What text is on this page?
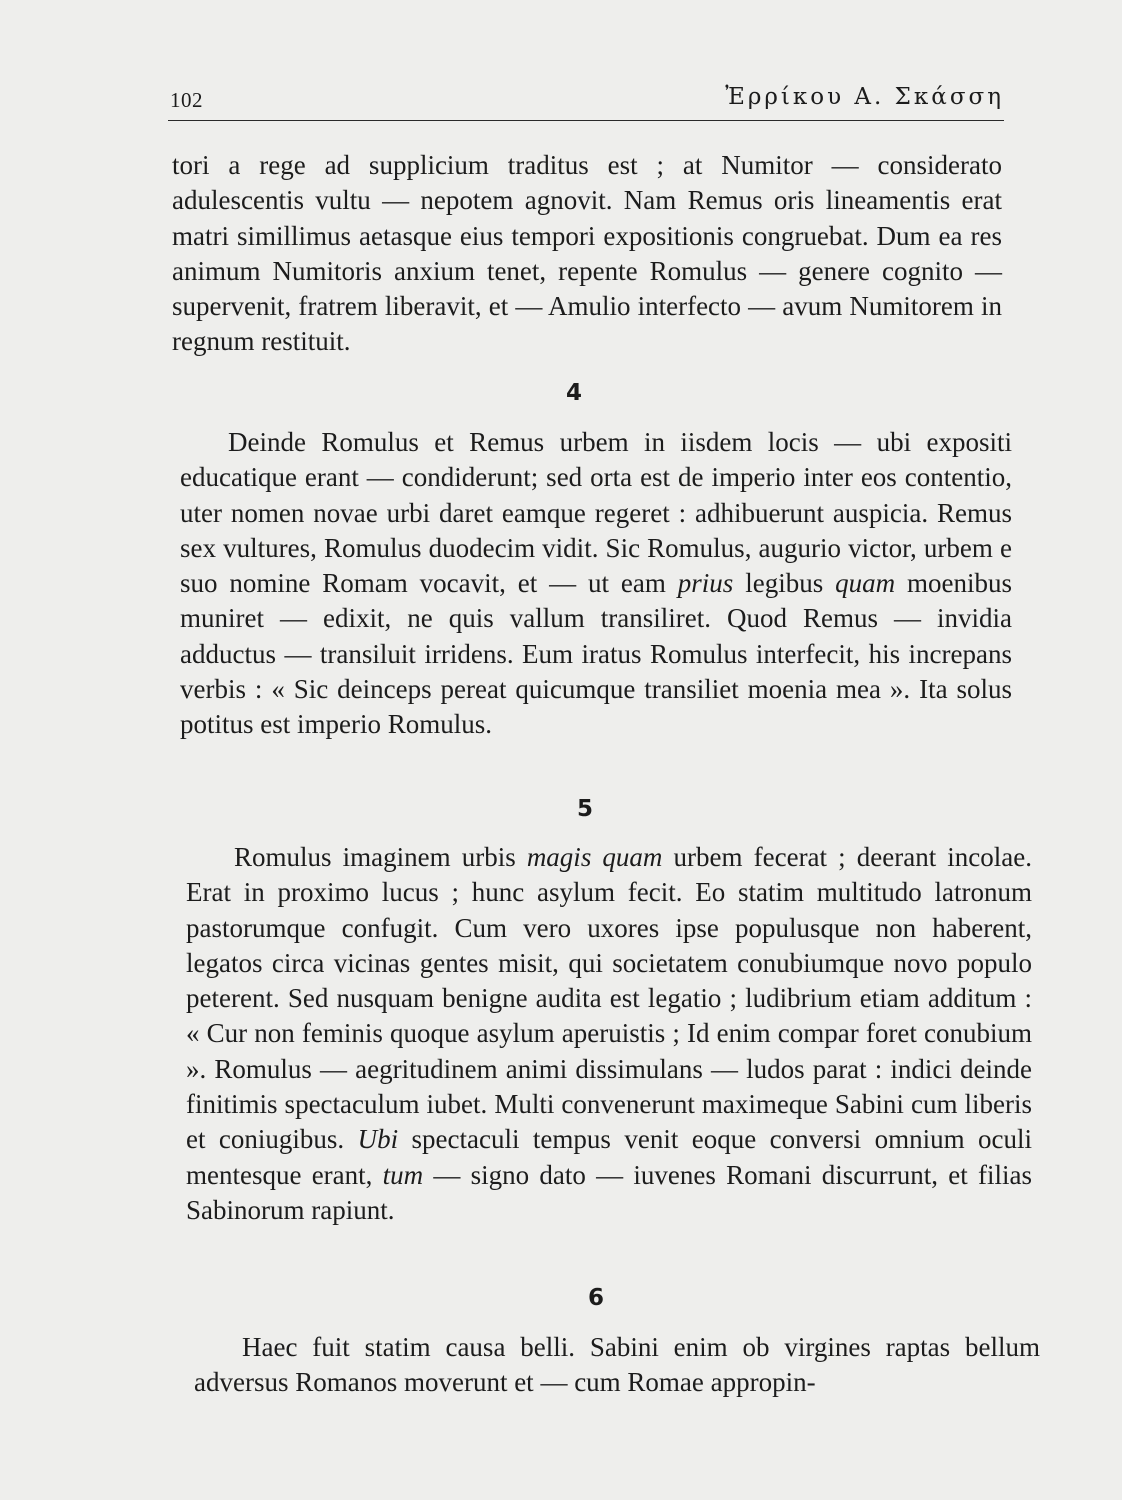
102	Ἐρρίκου Α. Σκάσση

tori a rege ad supplicium traditus est ; at Numitor — considerato adulescentis vultu — nepotem agnovit. Nam Remus oris lineamentis erat matri simillimus aetasque eius tempori expositionis congruebat. Dum ea res animum Numitoris anxium tenet, repente Romulus — genere cognito — supervenit, fratrem liberavit, et — Amulio interfecto — avum Numitorem in regnum restituit.

4

Deinde Romulus et Remus urbem in iisdem locis — ubi expositi educatique erant — condiderunt; sed orta est de imperio inter eos contentio, uter nomen novae urbi daret eamque regeret : adhibuerunt auspicia. Remus sex vultures, Romulus duodecim vidit. Sic Romulus, augurio victor, urbem e suo nomine Romam vocavit, et — ut eam prius legibus quam moenibus muniret — edixit, ne quis vallum transiliret. Quod Remus — invidia adductus — transiluit irridens. Eum iratus Romulus interfecit, his increpans verbis : « Sic deinceps pereat quicumque transiliet moenia mea ». Ita solus potitus est imperio Romulus.

5

Romulus imaginem urbis magis quam urbem fecerat ; deerant incolae. Erat in proximo lucus ; hunc asylum fecit. Eo statim multitudo latronum pastorumque confugit. Cum vero uxores ipse populusque non haberent, legatos circa vicinas gentes misit, qui societatem conubiumque novo populo peterent. Sed nusquam benigne audita est legatio ; ludibrium etiam additum : « Cur non feminis quoque asylum aperuistis ; Id enim compar foret conubium ». Romulus — aegritudinem animi dissimulans — ludos parat : indici deinde finitimis spectaculum iubet. Multi convenerunt maximeque Sabini cum liberis et coniugibus. Ubi spectaculi tempus venit eoque conversi omnium oculi mentesque erant, tum — signo dato — iuvenes Romani discurrunt, et filias Sabinorum rapiunt.

6

Haec fuit statim causa belli. Sabini enim ob virgines raptas bellum adversus Romanos moverunt et — cum Romae appropin-
